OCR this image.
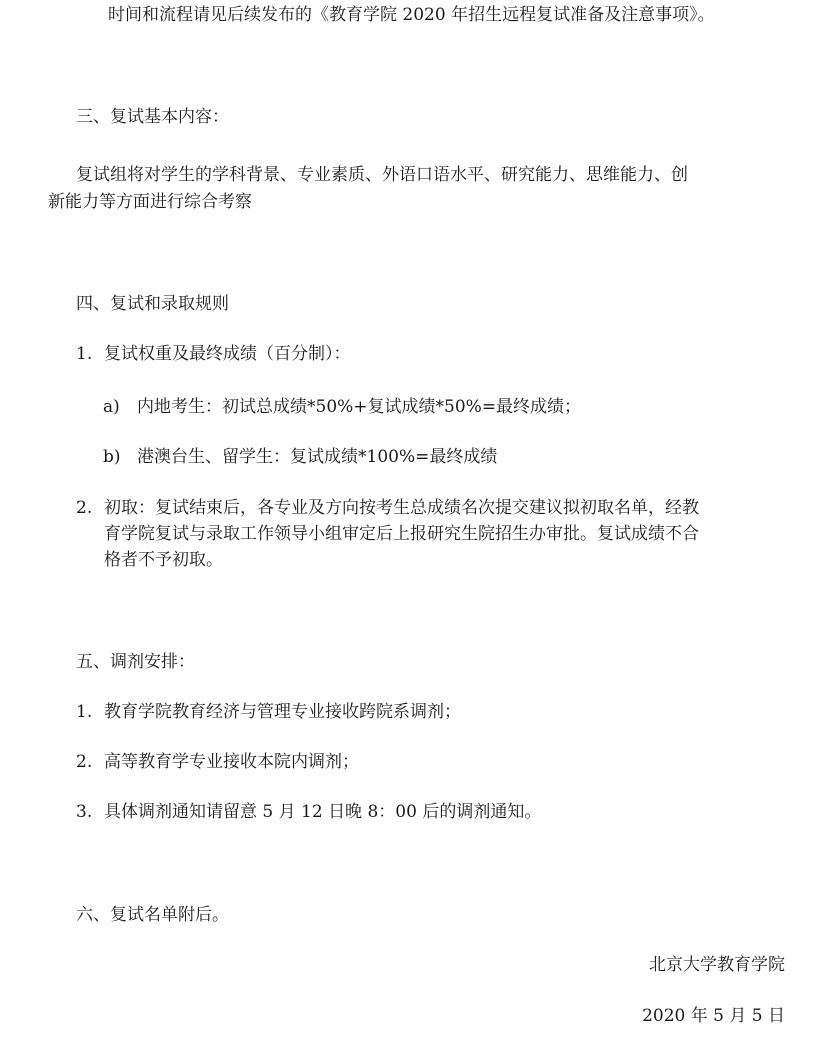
时间和流程请见后续发布的《教育学院 2020 年招生远程复试准备及注意事项》。
三、复试基本内容：
复试组将对学生的学科背景、专业素质、外语口语水平、研究能力、思维能力、创
新能力等方面进行综合考察
四、复试和录取规则
1. 复试权重及最终成绩（百分制）：
a) 内地考生：初试总成绩*50%+复试成绩*50%=最终成绩；
b) 港澳台生、留学生：复试成绩*100%=最终成绩
2. 初取：复试结束后，各专业及方向按考生总成绩名次提交建议拟初取名单，经教
育学院复试与录取工作领导小组审定后上报研究生院招生办审批。复试成绩不合
格者不予初取。
五、调剂安排：
1. 教育学院教育经济与管理专业接收跨院系调剂；
2. 高等教育学专业接收本院内调剂；
3. 具体调剂通知请留意 5 月 12 日晚 8：00 后的调剂通知。
六、复试名单附后。
北京大学教育学院
2020 年 5 月 5 日
